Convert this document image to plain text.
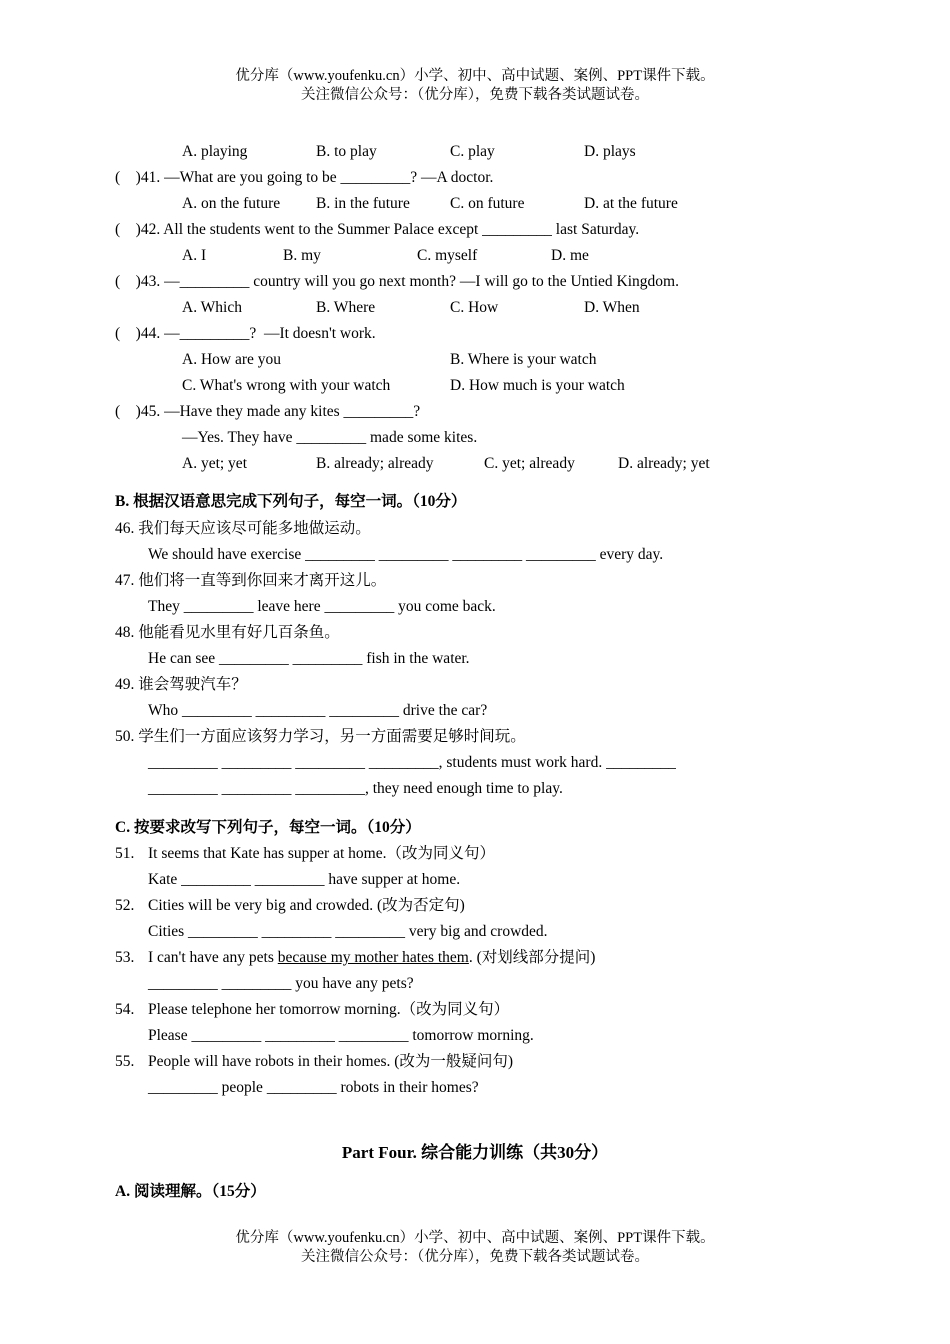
优分库（www.youfenku.cn）小学、初中、高中试题、案例、PPT课件下载。
关注微信公众号：（优分库），免费下载各类试题试卷。
A. playing	B. to play	C. play	D. plays
(    )41. —What are you going to be _________? —A doctor.
A. on the future B. in the future	C. on future	D. at the future
(    )42. All the students went to the Summer Palace except _________ last Saturday.
A. I	B. my	C. myself	D. me
(    )43. —_________ country will you go next month? —I will go to the Untied Kingdom.
A. Which	B. Where	C. How	D. When
(    )44. —_________?  —It doesn't work.
A. How are you	B. Where is your watch
C. What's wrong with your watch	D. How much is your watch
(    )45. —Have they made any kites _________?
—Yes. They have _________ made some kites.
A. yet; yet	B. already; already	C. yet; already	D. already; yet
B. 根据汉语意思完成下列句子，每空一词。（10分）
46. 我们每天应该尽可能多地做运动。
We should have exercise _________ _________ _________ _________ every day.
47. 他们将一直等到你回来才离开这儿。
They _________ leave here _________ you come back.
48. 他能看见水里有好几百条鱼。
He can see _________ _________ fish in the water.
49. 谁会驾驶汽车？
Who _________ _________ _________ drive the car?
50. 学生们一方面应该努力学习，另一方面需要足够时间玩。
_________ _________ _________ _________, students must work hard. _________
_________ _________ _________, they need enough time to play.
C. 按要求改写下列句子，每空一词。（10分）
51. It seems that Kate has supper at home.（改为同义句）
Kate _________ _________ have supper at home.
52. Cities will be very big and crowded. (改为否定句)
Cities _________ _________ _________ very big and crowded.
53. I can't have any pets because my mother hates them. (对划线部分提问)
_________ _________ you have any pets?
54. Please telephone her tomorrow morning.（改为同义句）
Please _________ _________ _________ tomorrow morning.
55. People will have robots in their homes. (改为一般疑问句)
_________ people _________ robots in their homes?
Part Four. 综合能力训练（共30分）
A. 阅读理解。（15分）
优分库（www.youfenku.cn）小学、初中、高中试题、案例、PPT课件下载。
关注微信公众号：（优分库），免费下载各类试题试卷。
